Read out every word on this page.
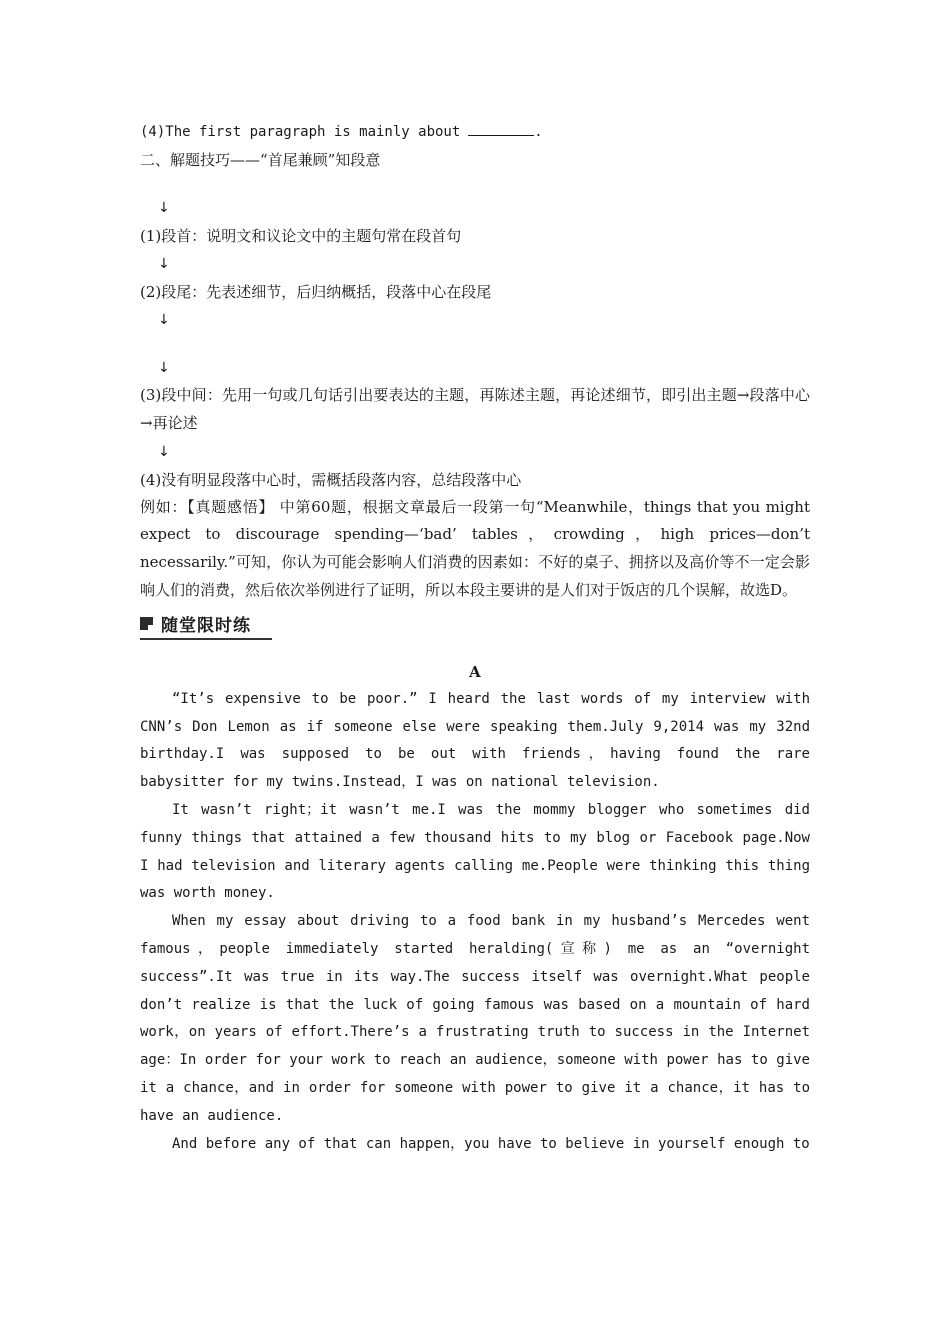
(4)The first paragraph is mainly about	.

二、解题技巧——“首尾兼顾”知段意

↓

(1)段首：说明文和议论文中的主题句常在段首句

↓

(2)段尾：先表述细节，后归纳概括，段落中心在段尾

↓

↓

(3)段中间：先用一句或几句话引出要表达的主题，再陈述主题，再论述细节，即引出主题→段落中心→再论述

↓

(4)没有明显段落中心时，需概括段落内容，总结段落中心

例如：【真题感悟】 中第60题，根据文章最后一段第一句“Meanwhile，things that you might expect to discourage spending—‘bad’ tables，crowding，high prices—don’t necessarily.”可知，你认为可能会影响人们消费的因素如：不好的桌子、拥挤以及高价等不一定会影响人们的消费，然后依次举例进行了证明，所以本段主要讲的是人们对于饭店的几个误解，故选D。

随堂限时练

A

“It’s expensive to be poor.” I heard the last words of my interview with CNN’s Don Lemon as if someone else were speaking them.July 9,2014 was my 32nd birthday.I was supposed to be out with friends，having found the rare babysitter for my twins.Instead，I was on national television.

It wasn’t right；it wasn’t me.I was the mommy blogger who sometimes did funny things that attained a few thousand hits to my blog or Facebook page.Now I had television and literary agents calling me.People were thinking this thing was worth money.

When my essay about driving to a food bank in my husband’s Mercedes went famous，people immediately started heralding(宣称) me as an “overnight success”.It was true in its way.The success itself was overnight.What people don’t realize is that the luck of going famous was based on a mountain of hard work，on years of effort.There’s a frustrating truth to success in the Internet age：In order for your work to reach an audience，someone with power has to give it a chance，and in order for someone with power to give it a chance，it has to have an audience.

And before any of that can happen，you have to believe in yourself enough to
